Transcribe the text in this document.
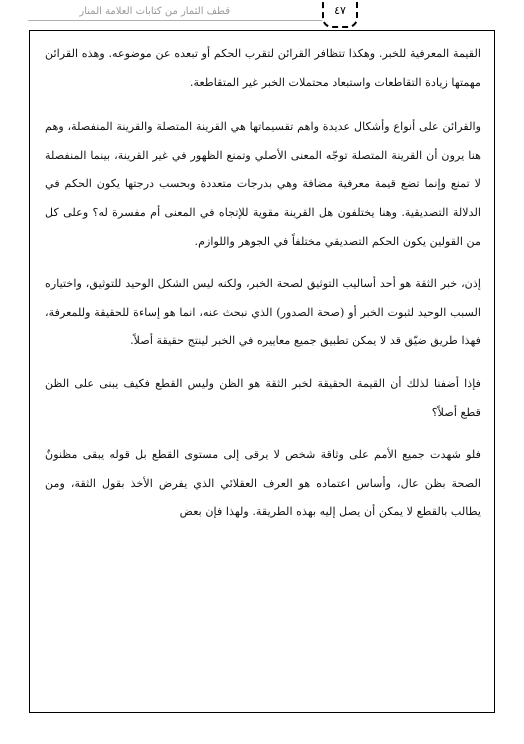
قطف الثمار من كتابات العلامة المنار	٤٧

القيمة المعرفية للخبر. وهكذا تتظافر القرائن لتقرب الحكم أو تبعده عن موضوعه. وهذه القرائن مهمتها زيادة التقاطعات واستبعاد محتملات الخبر غير المتقاطعة.

والقرائن على أنواع وأشكال عديدة واهم تقسيماتها هي القرينة المتصلة والقرينة المنفصلة، وهم هنا يرون أن القرينة المتصلة توجّه المعنى الأصلي وتمنع الظهور في غير القرينة، بينما المنفصلة لا تمنع وإنما تضع قيمة معرفية مضافة وهي بدرجات متعددة وبحسب درجتها يكون الحكم في الدلالة التصديقية. وهنا يختلفون هل القرينة مقوية للإتجاه في المعنى أم مفسرة له؟ وعلى كل من القولين يكون الحكم التصديقي مختلفاً في الجوهر واللوازم.

إذن، خبر الثقة هو أحد أساليب التوثيق لصحة الخبر، ولكنه ليس الشكل الوحيد للتوثيق، واختياره السبب الوحيد لثبوت الخبر أو (صحة الصدور) الذي نبحث عنه، انما هو إساءة للحقيقة وللمعرفة، فهذا طريق ضيّق قد لا يمكن تطبيق جميع معاييره في الخبر لينتج حقيقة أصلاً.

فإذا أضفنا لذلك أن القيمة الحقيقة لخبر الثقة هو الظن وليس القطع فكيف يبنى على الظن قطع أصلاً؟

فلو شهدت جميع الأمم على وثاقة شخص لا يرقى إلى مستوى القطع بل قوله يبقى مظنونٌ الصحة بظن عال، وأساس اعتماده هو العرف العقلائي الذي يفرض الأخذ بقول الثقة، ومن يطالب بالقطع لا يمكن أن يصل إليه بهذه الطريقة. ولهذا فإن بعض
